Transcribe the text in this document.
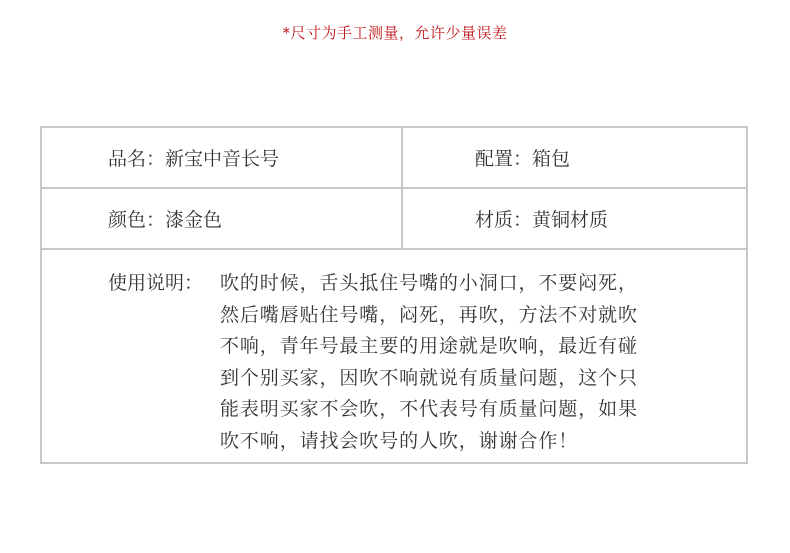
*尺寸为手工测量，允许少量误差
品名：新宝中音长号	配置：箱包
颜色：漆金色	材质：黄铜材质
使用说明： 吹的时候，舌头抵住号嘴的小洞口，不要闷死，
然后嘴唇贴住号嘴，闷死，再吹，方法不对就吹
不响，青年号最主要的用途就是吹响，最近有碰
到个别买家，因吹不响就说有质量问题，这个只
能表明买家不会吹，不代表号有质量问题，如果
吹不响，请找会吹号的人吹，谢谢合作！
